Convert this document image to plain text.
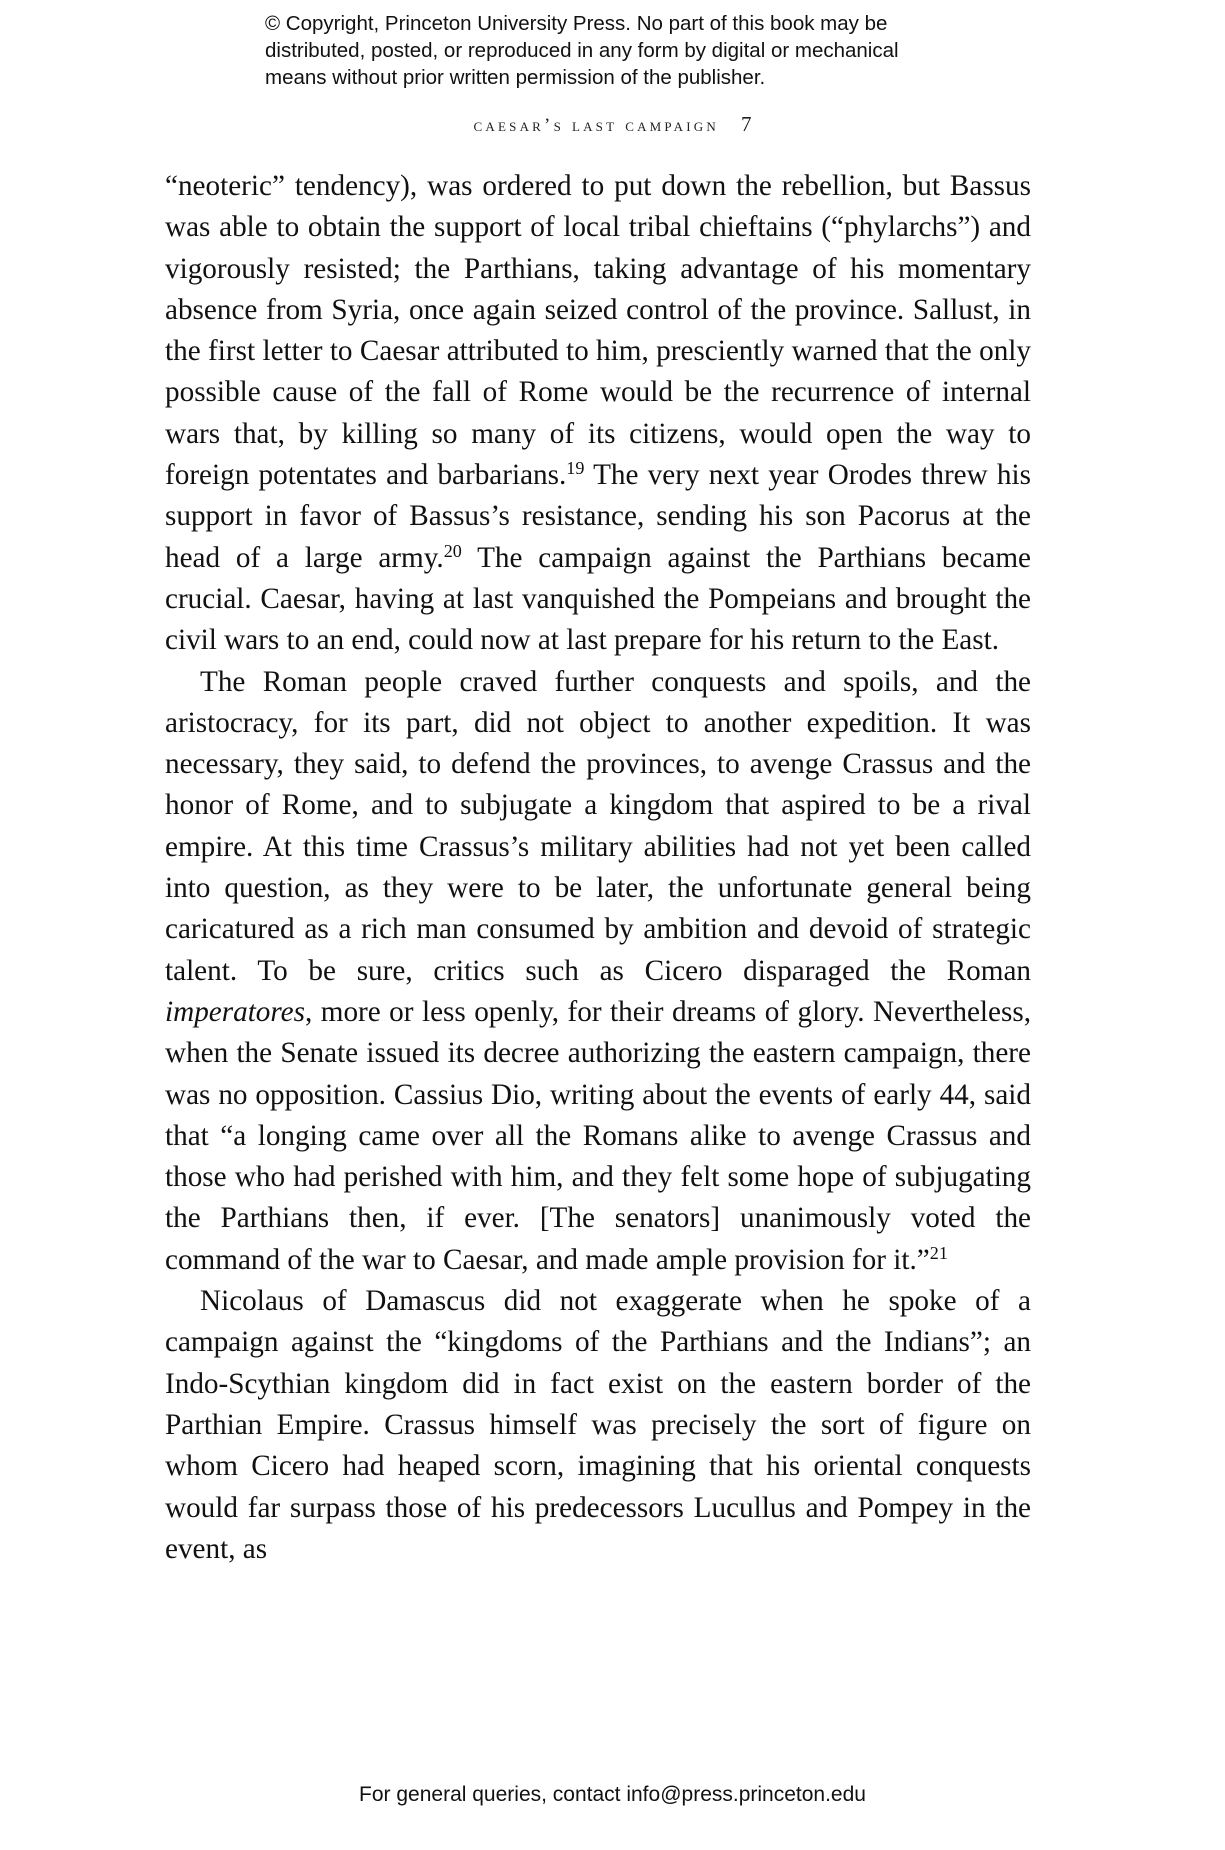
© Copyright, Princeton University Press. No part of this book may be
distributed, posted, or reproduced in any form by digital or mechanical
means without prior written permission of the publisher.
caesar’s last campaign 7

“neoteric” tendency), was ordered to put down the rebellion, but Bassus was able to obtain the support of local tribal chieftains (“phylarchs”) and vigorously resisted; the Parthians, taking advantage of his momentary absence from Syria, once again seized control of the province. Sallust, in the first letter to Caesar attributed to him, presciently warned that the only possible cause of the fall of Rome would be the recurrence of internal wars that, by killing so many of its citizens, would open the way to foreign potentates and barbarians.$^{19}$ The very next year Orodes threw his support in favor of Bassus’s resistance, sending his son Pacorus at the head of a large army.$^{20}$ The campaign against the Parthians became crucial. Caesar, having at last vanquished the Pompeians and brought the civil wars to an end, could now at last prepare for his return to the East.

The Roman people craved further conquests and spoils, and the aristocracy, for its part, did not object to another expedition. It was necessary, they said, to defend the provinces, to avenge Crassus and the honor of Rome, and to subjugate a kingdom that aspired to be a rival empire. At this time Crassus’s military abilities had not yet been called into question, as they were to be later, the unfortunate general being caricatured as a rich man consumed by ambition and devoid of strategic talent. To be sure, critics such as Cicero disparaged the Roman imperatores, more or less openly, for their dreams of glory. Nevertheless, when the Senate issued its decree authorizing the eastern campaign, there was no opposition. Cassius Dio, writing about the events of early 44, said that “a longing came over all the Romans alike to avenge Crassus and those who had perished with him, and they felt some hope of subjugating the Parthians then, if ever. [The senators] unanimously voted the command of the war to Caesar, and made ample provision for it.”$^{21}$

Nicolaus of Damascus did not exaggerate when he spoke of a campaign against the “kingdoms of the Parthians and the Indians”; an Indo-Scythian kingdom did in fact exist on the eastern border of the Parthian Empire. Crassus himself was precisely the sort of figure on whom Cicero had heaped scorn, imagining that his oriental conquests would far surpass those of his predecessors Lucullus and Pompey in the event, as

For general queries, contact info@press.princeton.edu
